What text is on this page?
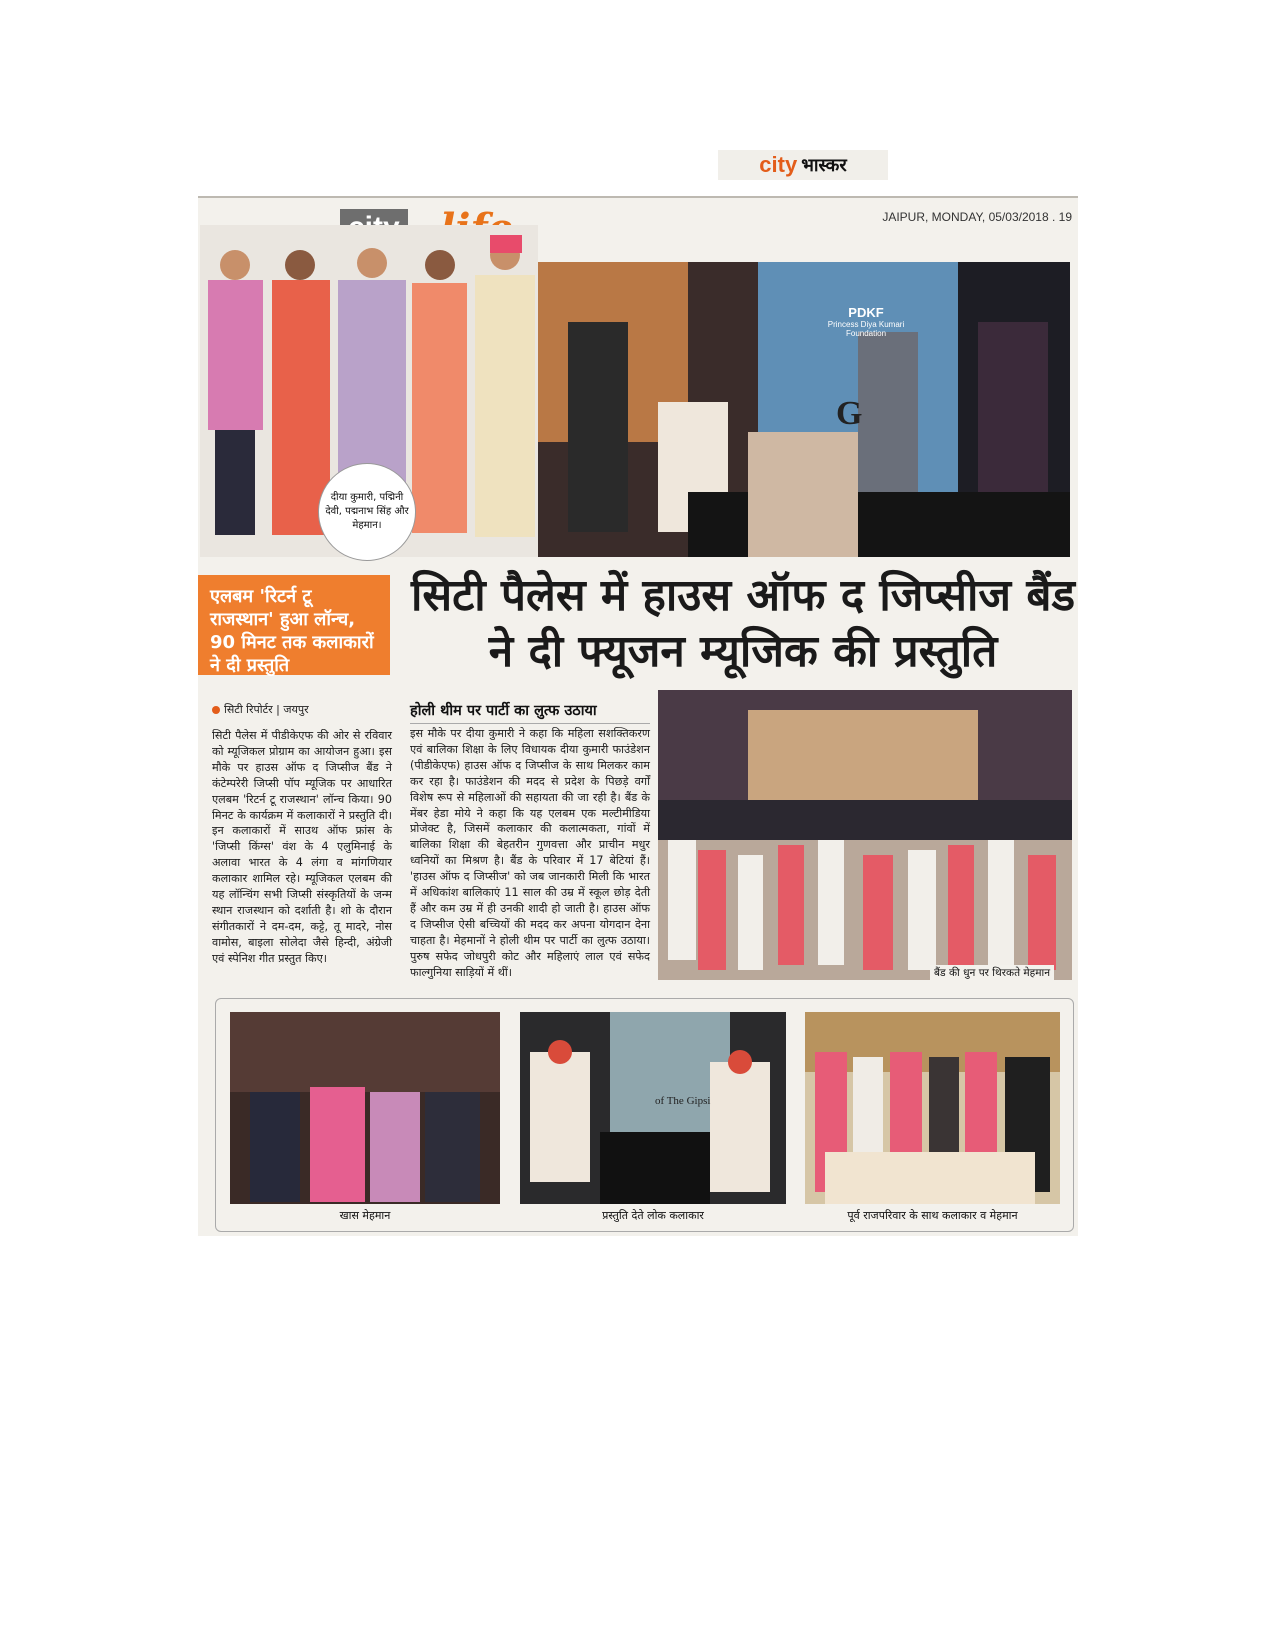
city भास्कर
JAIPUR, MONDAY, 05/03/2018 . 19
दीया कुमारी, पद्मिनी देवी, पद्मनाभ सिंह और मेहमान।
PDKF
Princess Diya Kumari
Foundation
G
एलबम 'रिटर्न टू राजस्थान' हुआ लॉन्च, 90 मिनट तक कलाकारों ने दी प्रस्तुति
सिटी पैलेस में हाउस ऑफ द जिप्सीज बैंड ने दी फ्यूजन म्यूजिक की प्रस्तुति
सिटी रिपोर्टर | जयपुर
सिटी पैलेस में पीडीकेएफ की ओर से रविवार को म्यूजिकल प्रोग्राम का आयोजन हुआ। इस मौके पर हाउस ऑफ द जिप्सीज बैंड ने कंटेम्परेरी जिप्सी पॉप म्यूजिक पर आधारित एलबम 'रिटर्न टू राजस्थान' लॉन्च किया। 90 मिनट के कार्यक्रम में कलाकारों ने प्रस्तुति दी। इन कलाकारों में साउथ ऑफ फ्रांस के 'जिप्सी किंग्स' वंश के 4 एलुमिनाई के अलावा भारत के 4 लंगा व मांगणियार कलाकार शामिल रहे। म्यूजिकल एलबम की यह लॉन्चिंग सभी जिप्सी संस्कृतियों के जन्म स्थान राजस्थान को दर्शाती है। शो के दौरान संगीतकारों ने दम-दम, कट्टे, तू मादरे, नोस वामोस, बाइला सोलेदा जैसे हिन्दी, अंग्रेजी एवं स्पेनिश गीत प्रस्तुत किए।
होली थीम पर पार्टी का लुत्फ उठाया
इस मौके पर दीया कुमारी ने कहा कि महिला सशक्तिकरण एवं बालिका शिक्षा के लिए विधायक दीया कुमारी फाउंडेशन (पीडीकेएफ) हाउस ऑफ द जिप्सीज के साथ मिलकर काम कर रहा है। फाउंडेशन की मदद से प्रदेश के पिछड़े वर्गों विशेष रूप से महिलाओं की सहायता की जा रही है। बैंड के मेंबर हेडा मोये ने कहा कि यह एलबम एक मल्टीमीडिया प्रोजेक्ट है, जिसमें कलाकार की कलात्मकता, गांवों में बालिका शिक्षा की बेहतरीन गुणवत्ता और प्राचीन मधुर ध्वनियों का मिश्रण है। बैंड के परिवार में 17 बेटियां हैं। 'हाउस ऑफ द जिप्सीज' को जब जानकारी मिली कि भारत में अधिकांश बालिकाएं 11 साल की उम्र में स्कूल छोड़ देती हैं और कम उम्र में ही उनकी शादी हो जाती है। हाउस ऑफ द जिप्सीज ऐसी बच्चियों की मदद कर अपना योगदान देना चाहता है। मेहमानों ने होली थीम पर पार्टी का लुत्फ उठाया। पुरुष सफेद जोधपुरी कोट और महिलाएं लाल एवं सफेद फाल्गुनिया साड़ियों में थीं।	बैंड की धुन पर थिरकते मेहमान
of The Gipsi
खास मेहमान	प्रस्तुति देते लोक कलाकार	पूर्व राजपरिवार के साथ कलाकार व मेहमान
